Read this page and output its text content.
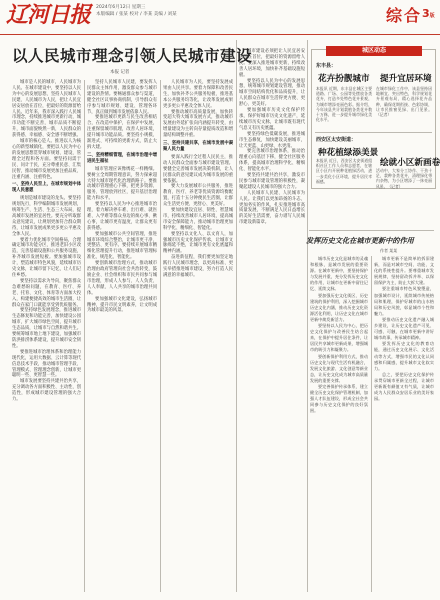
辽河日报 2024年6月12日 星期三
本版编辑 / 张某 校对 / 李某 美编 / 刘某	综合 3版
以人民城市理念引领人民城市建设
本报 记者

城市是人民的城市，人民城市为人民。在城市建设中，要坚持以人民为中心的发展思想，坚持人民城市人民建、人民城市为人民，把让人民宜居安居放在首位，把最好的资源留给人民。近年来，我市深入践行人民城市理念，持续推进城市更新行动，城市功能不断完善，城市品质不断提升，城市面貌焕然一新，人民群众的获得感、幸福感、安全感不断增强。

城市的核心是人。推进以人为核心的新型城镇化，要把以人民为中心的发展思想贯穿城市规划、建设、管理全过程和各方面。要坚持问需于民、问计于民，充分尊重民意、汇集民智，推动城市发展更加注重品质、注重内涵、注重特色。

一、坚持人民至上，在城市规划中体现人民意愿

规划是城市建设的龙头。要坚持规划先行，科学编制城市发展规划，统筹生产、生活、生态三大布局，提高城市发展的宜居性。要充分听取群众意见建议，让规划更加符合群众期待，让城市发展成果更多更公平惠及全体人民。

要着力优化城市空间格局，合理确定城市功能分区，推进老旧小区改造，完善基础设施和公共服务设施，补齐城市发展短板。要加强城市设计，塑造城市特色风貌，延续城市历史文脉，让城市留下记忆，让人们记住乡愁。

要坚持以需求为导向，聚焦群众急难愁盼问题，在教育、医疗、养老、托育、文化、体育等方面加大投入，构建便捷高效的城市生活圈，让群众在家门口就能享受到优质服务。

要坚持绿色发展理念，推进城市生态修复和功能完善，加快建设公园城市，扩大城市绿色空间，提升城市生态品质，让城市与自然和谐共生。要统筹城市地上地下建设，加强城市防洪排涝体系建设，提升城市安全韧性。

要推进城市治理体系和治理能力现代化，运用大数据、云计算等现代信息技术手段，推动城市管理手段、管理模式、管理理念创新，让城市更聪明一些、更智慧一些。

城市发展要坚持共建共治共享，充分调动各方面积极性、主动性、创造性，形成城市建设管理的强大合力。

坚持人民城市人民建，要发挥人民群众主体作用，激发群众参与城市建设的热情。要畅通群众参与渠道，健全社区议事协商机制，引导群众有序参与城市规划、建设、管理各环节，真正做到城市发展依靠人民。

要推进城市更新与民生改善相结合，在改造中保护，在保护中发展，注重保留城市肌理，改善人居环境，提升城市功能品质。要坚持小规模、渐进式、可持续的更新方式，防止大拆大建。

二、坚持精细管理，在城市治理中增进民生福祉

城市管理应该像绣花一样精细。要树立全周期管理意识，努力探索超大特大城市现代化治理新路子。要推动城市管理重心下移，把更多资源、服务、管理放到社区，提升基层治理能力和水平。

要坚持以人民为中心推进城市治理，着力解决停车难、出行难、就医难、入学难等群众身边的烦心事、揪心事，让城市更有温度，让群众更有获得感。

要加强城市公共空间管理，推进城市环境综合整治，让城市更干净、更整洁、更有序。要持续开展城市精细化管理提升行动，推进城市管理标准化、规范化、智能化。

要创新城市治理方式，推动城市治理由政府管理向社会共治转变，鼓励企业、社会组织和市民共同参与城市治理，形成人人参与、人人负责、人人奉献、人人共享的城市治理共同体。

要加强城市文化建设，弘扬城市精神，提升市民文明素养，让文明成为城市最美的风景。

人民城市为人民，要坚持发展成果由人民共享。要着力保障和改善民生，加快补齐公共服务短板，推进基本公共服务均等化，让改革发展成果更多更公平惠及全体人民。

要推动城市高质量发展，加快转变超大特大城市发展方式，推动城市发展由外延扩张向内涵提升转变，由增量建设为主转向存量提质改造和增量结构调整并重。

三、坚持共建共享，在城市发展中凝聚人民力量

要深入践行全过程人民民主，推动人民群众全面参与城市建设管理。要健全完善城市发展决策机制，让人民群众的意见建议成为城市发展的重要依据。

要大力发展城市公共服务，推进教育、医疗、养老等优质资源均衡配置，打造十五分钟便民生活圈，让群众生活更方便、更舒心、更美好。

要加快建设宜居、韧性、智慧城市，持续改善城市人居环境，提高城市安全保障能力，推动城市治理更加科学化、精细化、智能化。

要坚持以文化人、以文育人，加强城市历史文化保护传承，让城市文脉绵延不绝，让城市更有文化底蕴和精神内涵。

奋进新征程，我们要更加坚定地践行人民城市理念，以更高标准、更实举措推进城市建设，努力打造人民满意的幸福城市。

城市建设必须把让人民宜居安居放在首位，把最好的资源留给人民。要深入推进城市更新，持续改善人居环境，加快补齐基础设施短板。

要坚持以人民为中心的发展思想，统筹城市规划建设管理，推动城市空间结构优化和品质提升，让人民群众在城市生活得更方便、更舒心、更美好。

要加强城市历史文化保护传承，保护好城市历史文化遗产，延续城市历史文脉，让城市既有现代气息又有历史底蕴。

要坚持绿色低碳发展，推进城市生态修复，加快建设美丽城市，让天更蓝、山更绿、水更清。

要完善城市治理体系，推动治理重心向基层下移，健全社区服务体系，提高城市治理科学化、精细化、智能化水平。

要坚持共建共治共享，激发市民参与城市建设管理的积极性，凝聚起建设人民城市的强大合力。

人民城市人民建、人民城市为人民。让我们以更加昂扬的斗志、更加务实的作风，扎实推进城市高质量发展，不断满足人民日益增长的美好生活需要，奋力谱写人民城市建设新篇章。

城区动态
东丰县：
花卉扮靓城市 提升宜居环境
本报讯 近期，东丰县在城区主要道路、广场、公园等处摆放各类花卉，打造多处特色花卉景观，为城市增添亮丽色彩。据介绍，今年该县共计划栽植各类花卉数十万株，进一步提升城市绿化美化水平。
在城市绿化工作中，该县坚持因地制宜、突出特色，科学规划花卉景观布局，精心选择花卉品种，确保花期衔接、色彩协调，让市民推窗见绿、出门见景。（记者）
西安区太安街道：
种花植绿添美景
绘就小区新画卷
本报讯 近日，西安区太安街道组织社区工作人员和志愿者，在辖区小区内开展种花植绿活动，进一步美化小区环境，提升居民幸福感。
活动中，大家分工协作、干劲十足，栽种各类花卉，清理绿化带内杂物，为小区增添了一抹亮丽风景。（记者）
发挥历史文化在城市更新中的作用
作者 某某

城市历史文化是城市的灵魂和根脉，是城市发展的重要资源。在城市更新中，要坚持保护与发展并重，充分发挥历史文化的作用，让城市在更新中留住记忆、延续文脉。

要加强历史文化街区、历史建筑的保护利用，深入挖掘城市历史文化内涵，推动历史文化资源活化利用，让历史文化在城市更新中焕发新活力。

要坚持以人民为中心，把历史文化保护与改善民生结合起来，在保护中提升居住条件，让居民共享城市更新成果，增强城市的吸引力和凝聚力。

要创新保护利用方式，推动历史文化与现代生活有机融合，发展文化旅游、文化创意等新业态，让历史文化成为城市高质量发展的重要支撑。

要完善保护传承体系，建立健全历史文化保护管理机制，加强人才队伍建设，形成全社会共同参与历史文化保护的良好氛围。

城市更新不是简单的拆旧建新，而是对城市空间、功能、文化的系统性提升。要尊重城市发展规律，坚持留改拆并举、以保留保护为主，防止大拆大建。

要注重城市特色风貌塑造，加强城市设计，延续城市传统格局和肌理，保护好城市的山水格局和历史风貌，彰显城市个性和魅力。

要推动历史文化遗产融入城乡建设，让历史文化遗产可见、可感、可触，在城市更新中讲好城市故事，传承城市精神。

要发挥历史文化的教育功能，通过历史文化展示、文化活动等方式，增强市民的文化认同感和归属感，提升城市文化软实力。

总之，要把历史文化保护传承贯穿城市更新全过程，让城市更新既有颜值又有气质，让城市成为人民群众安居乐业的美好家园。
